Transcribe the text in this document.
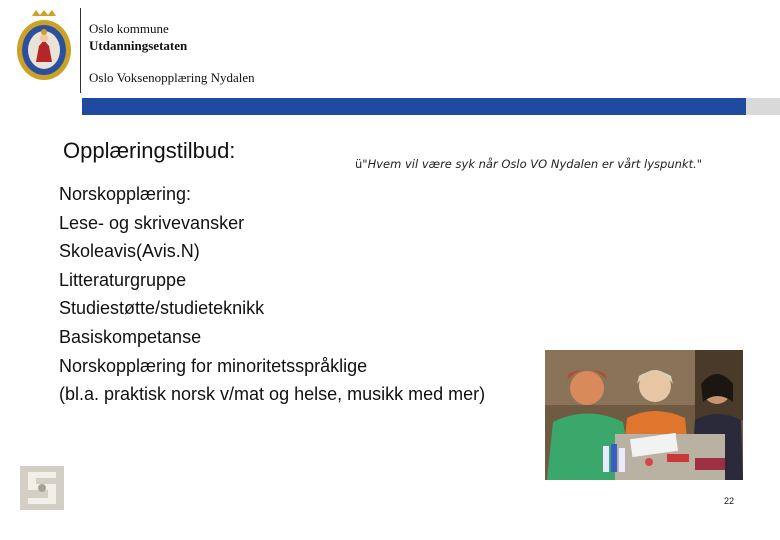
Oslo kommune
Utdanningsetaten
Oslo Voksenopplæring Nydalen
Opplæringstilbud:
ü"Hvem vil være syk når Oslo VO Nydalen er vårt lyspunkt."
Norskopplæring:
Lese- og skrivevansker
Skoleavis(Avis.N)
Litteraturgruppe
Studiestøtte/studieteknikk
Basiskompetanse
Norskopplæring for minoritetsspråklige
(bl.a. praktisk norsk v/mat og helse, musikk med mer)
22
